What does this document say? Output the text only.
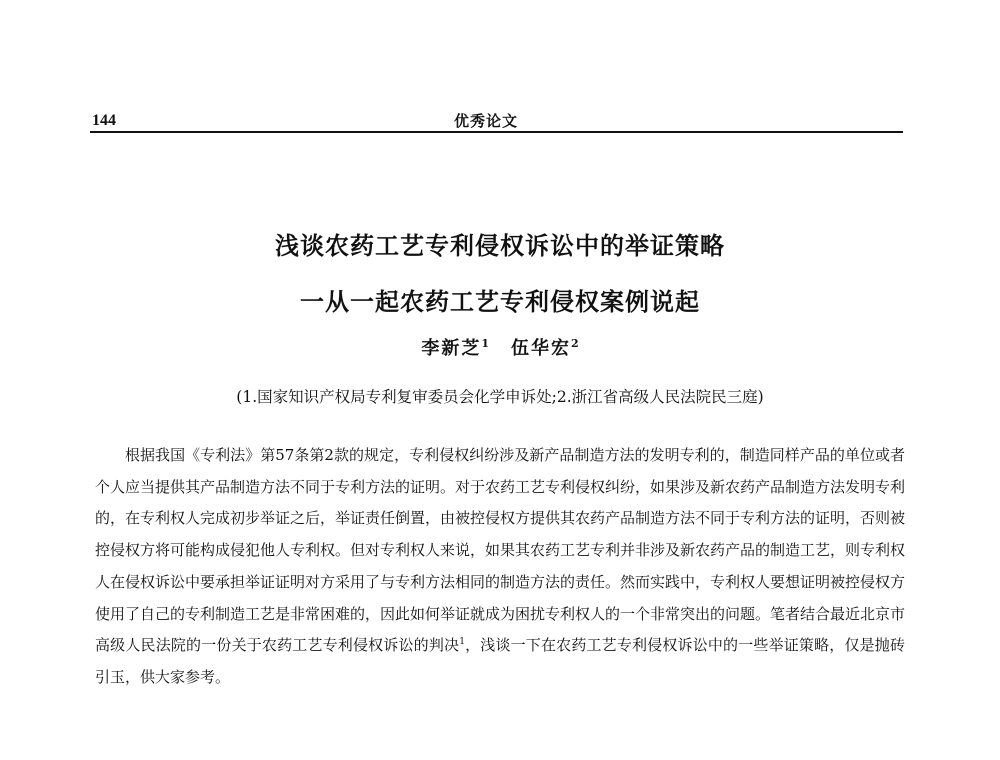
144	优秀论文
浅谈农药工艺专利侵权诉讼中的举证策略
一从一起农药工艺专利侵权案例说起
李新芝$^1$ 伍华宏$^2$
(1.国家知识产权局专利复审委员会化学申诉处;2.浙江省高级人民法院民三庭)

根据我国《专利法》第57条第2款的规定，专利侵权纠纷涉及新产品制造方法的发明专利的，制造同样产品的单位或者个人应当提供其产品制造方法不同于专利方法的证明。对于农药工艺专利侵权纠纷，如果涉及新农药产品制造方法发明专利的，在专利权人完成初步举证之后，举证责任倒置，由被控侵权方提供其农药产品制造方法不同于专利方法的证明，否则被控侵权方将可能构成侵犯他人专利权。但对专利权人来说，如果其农药工艺专利并非涉及新农药产品的制造工艺，则专利权人在侵权诉讼中要承担举证证明对方采用了与专利方法相同的制造方法的责任。然而实践中，专利权人要想证明被控侵权方使用了自己的专利制造工艺是非常困难的，因此如何举证就成为困扰专利权人的一个非常突出的问题。笔者结合最近北京市高级人民法院的一份关于农药工艺专利侵权诉讼的判决$^1$，浅谈一下在农药工艺专利侵权诉讼中的一些举证策略，仅是抛砖引玉，供大家参考。
